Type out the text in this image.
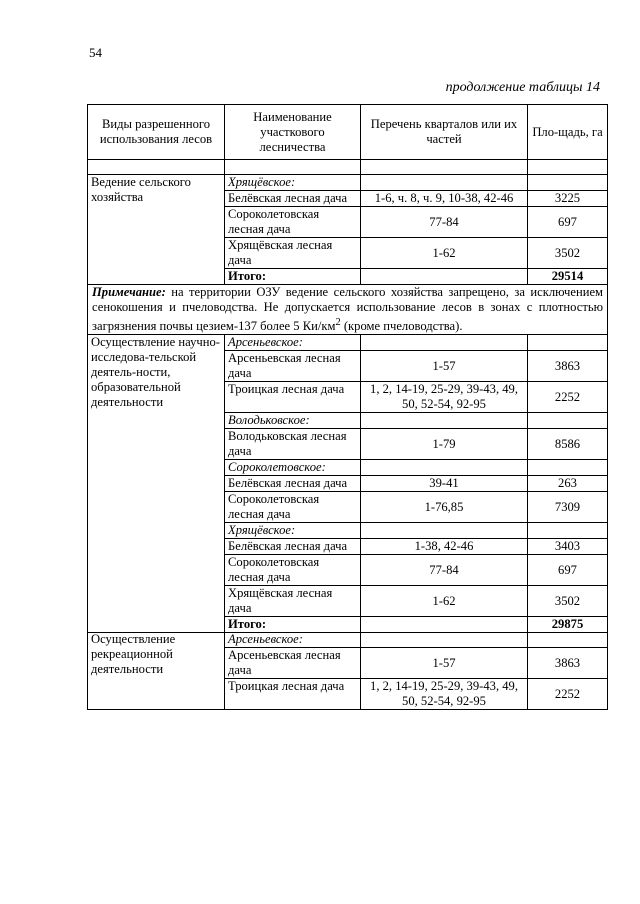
54
продолжение таблицы 14
Виды разрешенного использования лесов	Наименование участкового лесничества	Перечень кварталов или их частей	Пло-щадь, га

Ведение сельского хозяйства	Хрящёвское:		
	Белёвская лесная дача	1-6, ч. 8, ч. 9, 10-38, 42-46	3225
	Сороколетовская лесная дача	77-84	697
	Хрящёвская лесная дача	1-62	3502
	Итого:		29514
Примечание: на территории ОЗУ ведение сельского хозяйства запрещено, за исключением сенокошения и пчеловодства. Не допускается использование лесов в зонах с плотностью загрязнения почвы цезием-137 более 5 $Ки/км^2$ (кроме пчеловодства).			
Осуществление научно-исследова-тельской деятель-ности, образовательной деятельности	Арсеньевское:		
	Арсеньевская лесная дача	1-57	3863
	Троицкая лесная дача	1, 2, 14-19, 25-29, 39-43, 49, 50, 52-54, 92-95	2252
	Володьковское:		
	Володьковская лесная дача	1-79	8586
	Сороколетовское:		
	Белёвская лесная дача	39-41	263
	Сороколетовская лесная дача	1-76,85	7309
	Хрящёвское:		
	Белёвская лесная дача	1-38, 42-46	3403
	Сороколетовская лесная дача	77-84	697
	Хрящёвская лесная дача	1-62	3502
	Итого:		29875
Осуществление рекреационной деятельности	Арсеньевское:		
	Арсеньевская лесная дача	1-57	3863
	Троицкая лесная дача	1, 2, 14-19, 25-29, 39-43, 49, 50, 52-54, 92-95	2252
